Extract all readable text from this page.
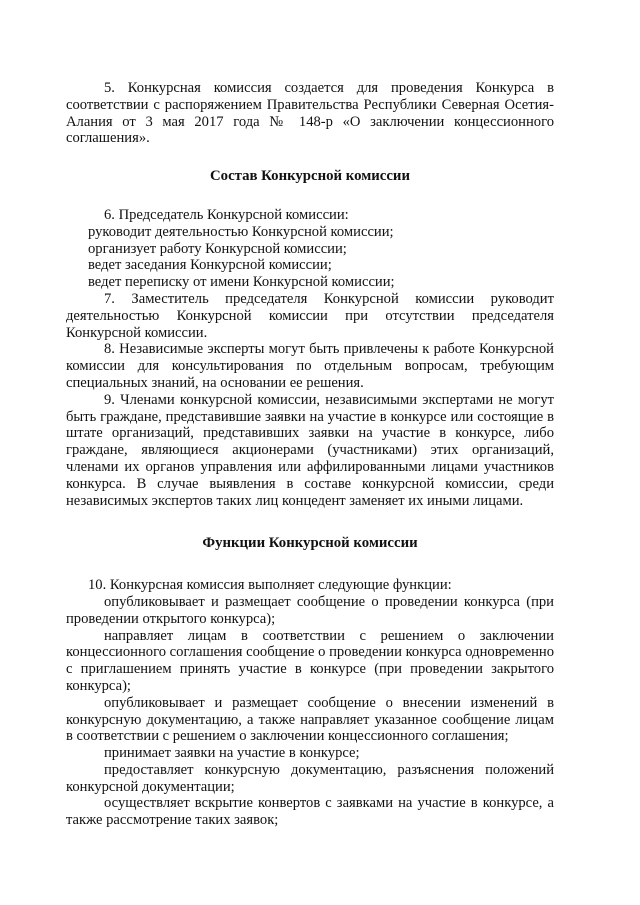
5. Конкурсная комиссия создается для проведения Конкурса в соответствии с распоряжением Правительства Республики Северная Осетия-Алания от 3 мая 2017 года № 148-р «О заключении концессионного соглашения».

Состав Конкурсной комиссии

6. Председатель Конкурсной комиссии:

руководит деятельностью Конкурсной комиссии;

организует работу Конкурсной комиссии;

ведет заседания Конкурсной комиссии;

ведет переписку от имени Конкурсной комиссии;

7. Заместитель председателя Конкурсной комиссии руководит деятельностью Конкурсной комиссии при отсутствии председателя Конкурсной комиссии.

8. Независимые эксперты могут быть привлечены к работе Конкурсной комиссии для консультирования по отдельным вопросам, требующим специальных знаний, на основании ее решения.

9. Членами конкурсной комиссии, независимыми экспертами не могут быть граждане, представившие заявки на участие в конкурсе или состоящие в штате организаций, представивших заявки на участие в конкурсе, либо граждане, являющиеся акционерами (участниками) этих организаций, членами их органов управления или аффилированными лицами участников конкурса. В случае выявления в составе конкурсной комиссии, среди независимых экспертов таких лиц концедент заменяет их иными лицами.

Функции Конкурсной комиссии

10. Конкурсная комиссия выполняет следующие функции:

опубликовывает и размещает сообщение о проведении конкурса (при проведении открытого конкурса);

направляет лицам в соответствии с решением о заключении концессионного соглашения сообщение о проведении конкурса одновременно с приглашением принять участие в конкурсе (при проведении закрытого конкурса);

опубликовывает и размещает сообщение о внесении изменений в конкурсную документацию, а также направляет указанное сообщение лицам в соответствии с решением о заключении концессионного соглашения;

принимает заявки на участие в конкурсе;

предоставляет конкурсную документацию, разъяснения положений конкурсной документации;

осуществляет вскрытие конвертов с заявками на участие в конкурсе, а также рассмотрение таких заявок;
